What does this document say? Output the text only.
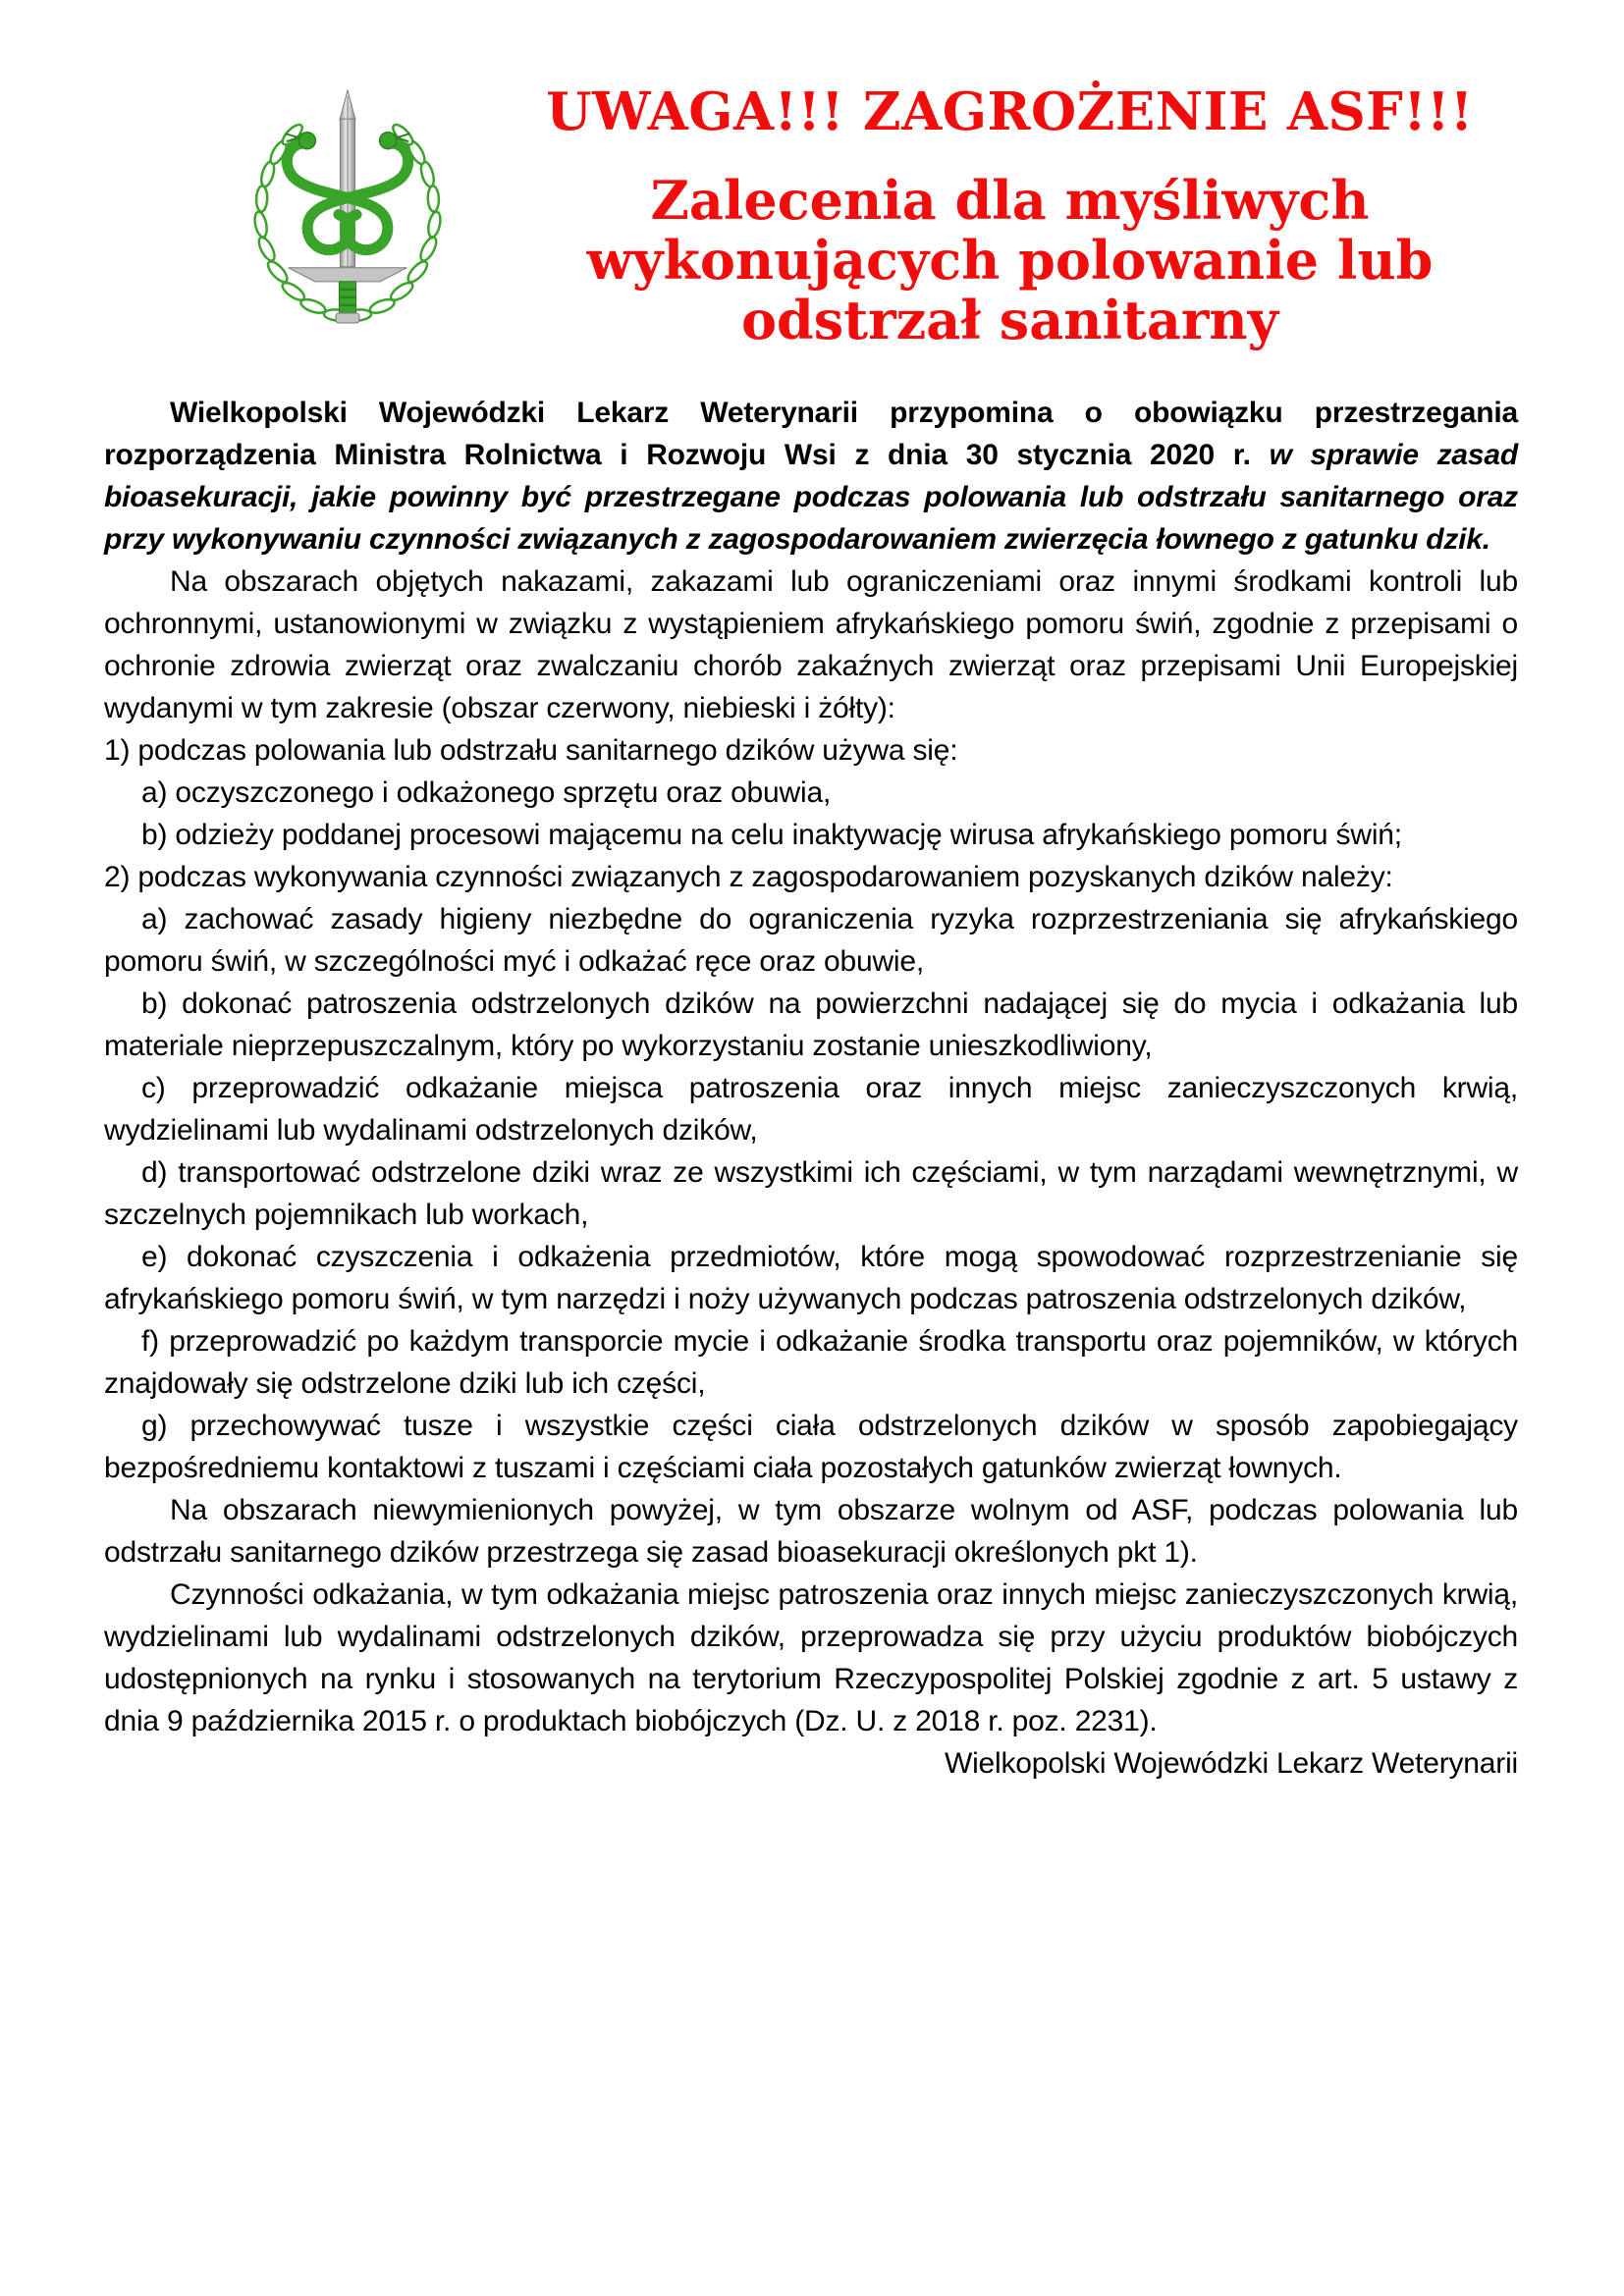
UWAGA!!! ZAGROŻENIE ASF!!!
Zalecenia dla myśliwych
wykonujących polowanie lub
odstrzał sanitarny

Wielkopolski Wojewódzki Lekarz Weterynarii przypomina o obowiązku przestrzegania rozporządzenia Ministra Rolnictwa i Rozwoju Wsi z dnia 30 stycznia 2020 r. w sprawie zasad bioasekuracji, jakie powinny być przestrzegane podczas polowania lub odstrzału sanitarnego oraz przy wykonywaniu czynności związanych z zagospodarowaniem zwierzęcia łownego z gatunku dzik.

Na obszarach objętych nakazami, zakazami lub ograniczeniami oraz innymi środkami kontroli lub ochronnymi, ustanowionymi w związku z wystąpieniem afrykańskiego pomoru świń, zgodnie z przepisami o ochronie zdrowia zwierząt oraz zwalczaniu chorób zakaźnych zwierząt oraz przepisami Unii Europejskiej wydanymi w tym zakresie (obszar czerwony, niebieski i żółty):

1) podczas polowania lub odstrzału sanitarnego dzików używa się:

a) oczyszczonego i odkażonego sprzętu oraz obuwia,

b) odzieży poddanej procesowi mającemu na celu inaktywację wirusa afrykańskiego pomoru świń;

2) podczas wykonywania czynności związanych z zagospodarowaniem pozyskanych dzików należy:

a) zachować zasady higieny niezbędne do ograniczenia ryzyka rozprzestrzeniania się afrykańskiego pomoru świń, w szczególności myć i odkażać ręce oraz obuwie,

b) dokonać patroszenia odstrzelonych dzików na powierzchni nadającej się do mycia i odkażania lub materiale nieprzepuszczalnym, który po wykorzystaniu zostanie unieszkodliwiony,

c) przeprowadzić odkażanie miejsca patroszenia oraz innych miejsc zanieczyszczonych krwią, wydzielinami lub wydalinami odstrzelonych dzików,

d) transportować odstrzelone dziki wraz ze wszystkimi ich częściami, w tym narządami wewnętrznymi, w szczelnych pojemnikach lub workach,

e) dokonać czyszczenia i odkażenia przedmiotów, które mogą spowodować rozprzestrzenianie się afrykańskiego pomoru świń, w tym narzędzi i noży używanych podczas patroszenia odstrzelonych dzików,

f) przeprowadzić po każdym transporcie mycie i odkażanie środka transportu oraz pojemników, w których znajdowały się odstrzelone dziki lub ich części,

g) przechowywać tusze i wszystkie części ciała odstrzelonych dzików w sposób zapobiegający bezpośredniemu kontaktowi z tuszami i częściami ciała pozostałych gatunków zwierząt łownych.

Na obszarach niewymienionych powyżej, w tym obszarze wolnym od ASF, podczas polowania lub odstrzału sanitarnego dzików przestrzega się zasad bioasekuracji określonych pkt 1).

Czynności odkażania, w tym odkażania miejsc patroszenia oraz innych miejsc zanieczyszczonych krwią, wydzielinami lub wydalinami odstrzelonych dzików, przeprowadza się przy użyciu produktów biobójczych udostępnionych na rynku i stosowanych na terytorium Rzeczypospolitej Polskiej zgodnie z art. 5 ustawy z dnia 9 października 2015 r. o produktach biobójczych (Dz. U. z 2018 r. poz. 2231).

Wielkopolski Wojewódzki Lekarz Weterynarii
